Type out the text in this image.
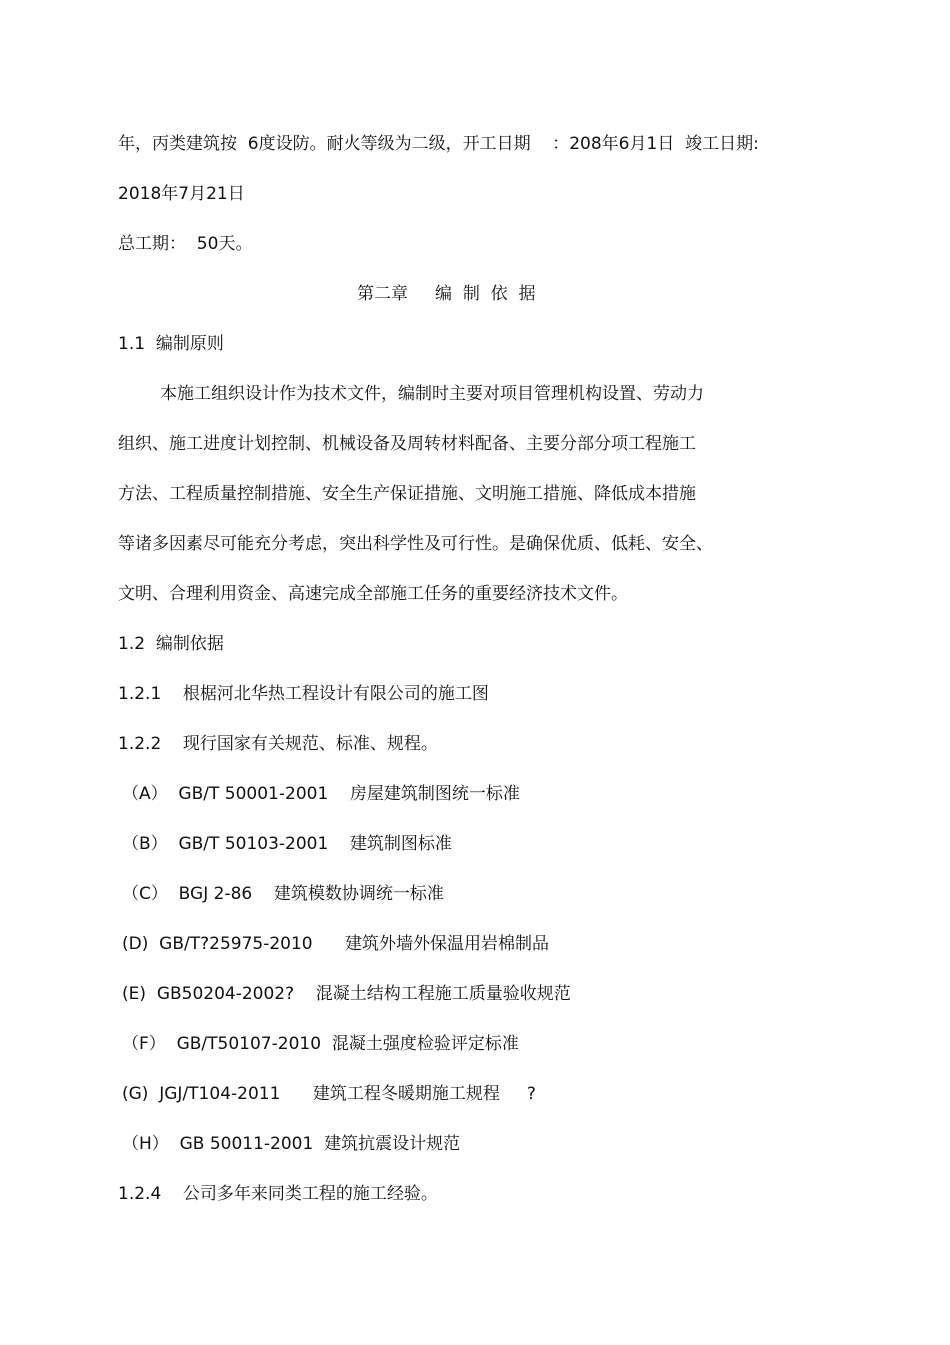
年，丙类建筑按  6度设防。耐火等级为二级，开工日期    ：208年6月1日  竣工日期:
2018年7月21日
总工期：  50天。
第二章     编  制  依  据
1.1 编制原则
本施工组织设计作为技术文件，编制时主要对项目管理机构设置、劳动力
组织、施工进度计划控制、机械设备及周转材料配备、主要分部分项工程施工
方法、工程质量控制措施、安全生产保证措施、文明施工措施、降低成本措施
等诸多因素尽可能充分考虑，突出科学性及可行性。是确保优质、低耗、安全、
文明、合理利用资金、高速完成全部施工任务的重要经济技术文件。
1.2 编制依据
1.2.1    根椐河北华热工程设计有限公司的施工图
1.2.2    现行国家有关规范、标准、规程。
（A）  GB/T 50001-2001    房屋建筑制图统一标准
（B）  GB/T 50103-2001    建筑制图标准
（C）  BGJ 2-86    建筑模数协调统一标准
(D)  GB/T?25975-2010      建筑外墙外保温用岩棉制品
(E)  GB50204-2002?    混凝土结构工程施工质量验收规范
（F）  GB/T50107-2010  混凝土强度检验评定标准
(G)  JGJ/T104-2011      建筑工程冬暖期施工规程     ?
（H）  GB 50011-2001  建筑抗震设计规范
1.2.4    公司多年来同类工程的施工经验。
